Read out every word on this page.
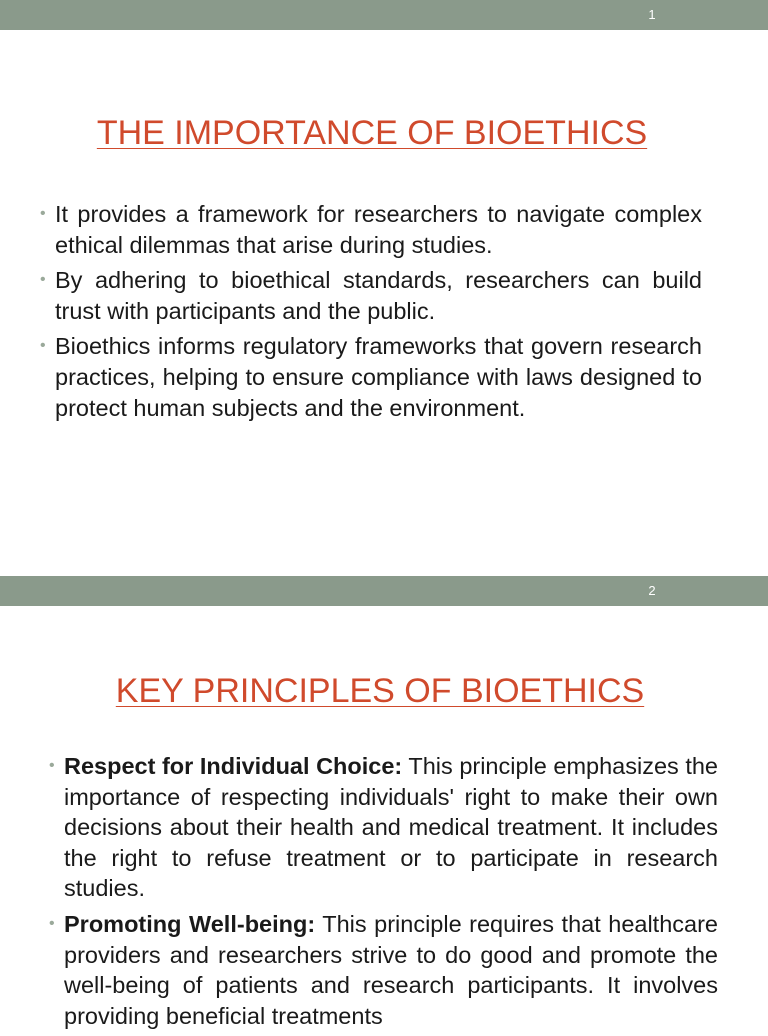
1
THE IMPORTANCE OF BIOETHICS
• It provides a framework for researchers to navigate complex ethical dilemmas that arise during studies.
• By adhering to bioethical standards, researchers can build trust with participants and the public.
• Bioethics informs regulatory frameworks that govern research practices, helping to ensure compliance with laws designed to protect human subjects and the environment.
2
KEY PRINCIPLES OF BIOETHICS
• Respect for Individual Choice: This principle emphasizes the importance of respecting individuals' right to make their own decisions about their health and medical treatment. It includes the right to refuse treatment or to participate in research studies.
• Promoting Well-being: This principle requires that healthcare providers and researchers strive to do good and promote the well-being of patients and research participants. It involves providing beneficial treatments
